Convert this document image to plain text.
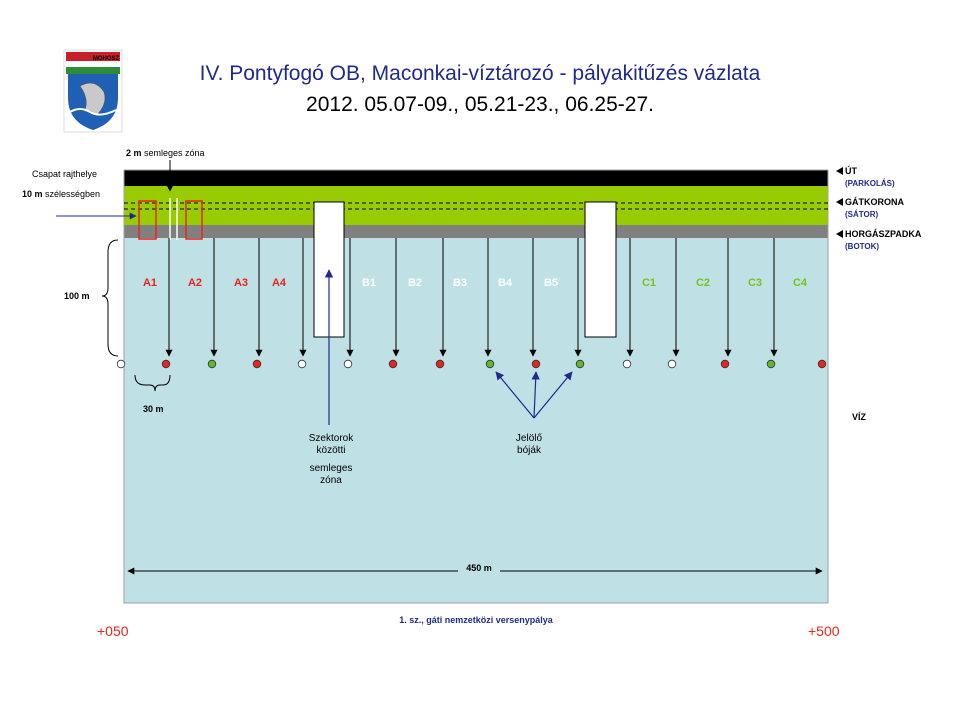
IV. Pontyfogó OB, Maconkai-víztározó - pályakitűzés vázlata
2012. 05.07-09., 05.21-23., 06.25-27.
MOHOSZ
A1	A2	A3 A4	B1	B2	B3	B4	B5	C1	C2	C3	C4
2 m semleges zóna
Csapat rajthelye
10 m szélességben
100 m
30 m
Szektorok
közötti
semleges
zóna
Jelölő
bóják
450 m
ÚT
(PARKOLÁS)
GÁTKORONA
(SÁTOR)
HORGÁSZPADKA
(BOTOK)
VÍZ
1. sz., gáti nemzetközi versenypálya
+050	+500
